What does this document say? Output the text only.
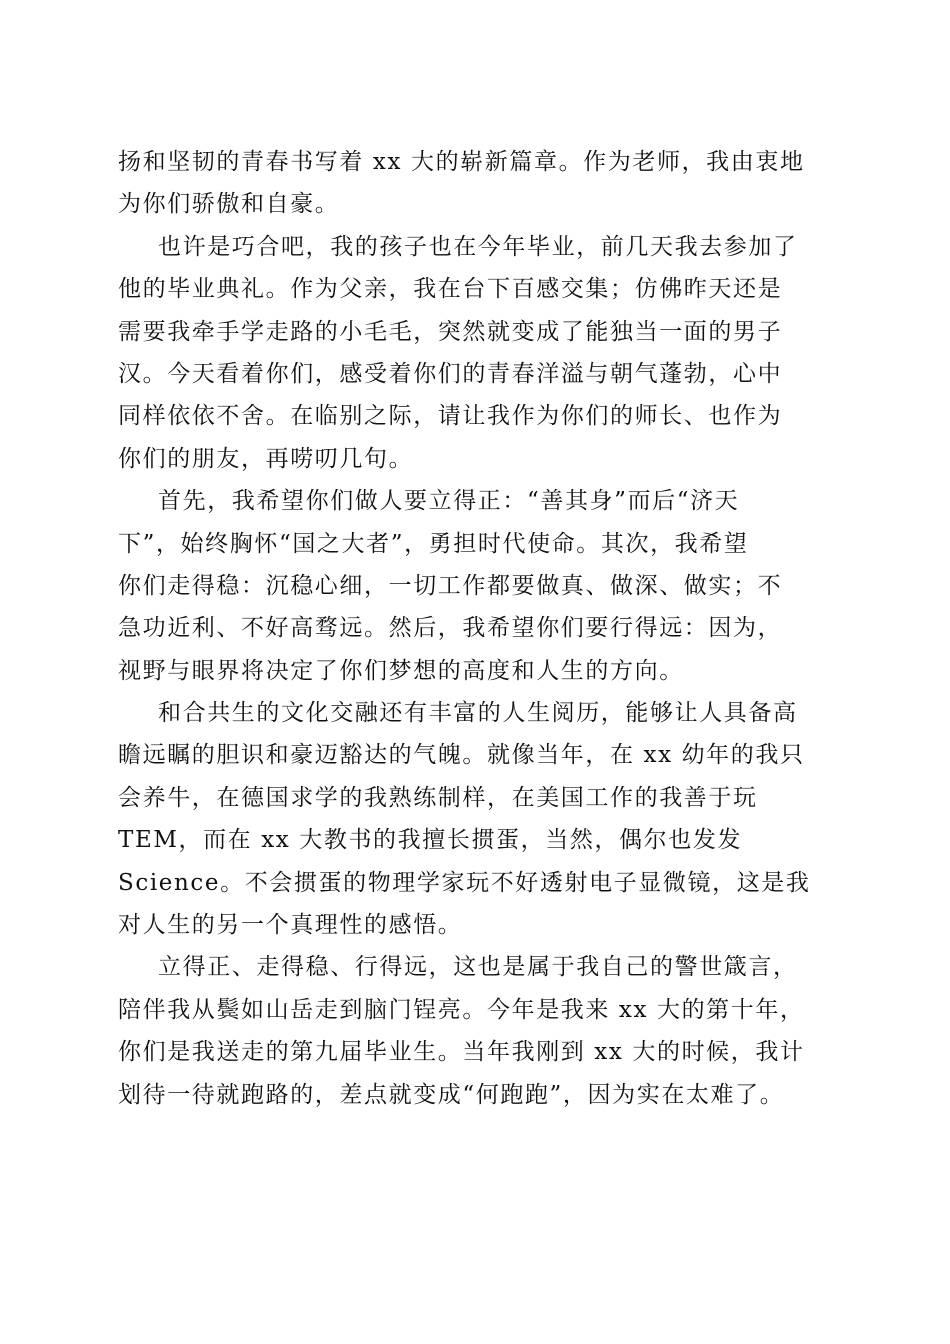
扬和坚韧的青春书写着 xx 大的崭新篇章。作为老师，我由衷地
为你们骄傲和自豪。
也许是巧合吧，我的孩子也在今年毕业，前几天我去参加了
他的毕业典礼。作为父亲，我在台下百感交集；仿佛昨天还是
需要我牵手学走路的小毛毛，突然就变成了能独当一面的男子
汉。今天看着你们，感受着你们的青春洋溢与朝气蓬勃，心中
同样依依不舍。在临别之际，请让我作为你们的师长、也作为
你们的朋友，再唠叨几句。
首先，我希望你们做人要立得正：“善其身”而后“济天
下”，始终胸怀“国之大者”，勇担时代使命。其次，我希望
你们走得稳：沉稳心细，一切工作都要做真、做深、做实；不
急功近利、不好高骛远。然后，我希望你们要行得远：因为，
视野与眼界将决定了你们梦想的高度和人生的方向。
和合共生的文化交融还有丰富的人生阅历，能够让人具备高
瞻远瞩的胆识和豪迈豁达的气魄。就像当年，在 xx 幼年的我只
会养牛，在德国求学的我熟练制样，在美国工作的我善于玩
TEM，而在 xx 大教书的我擅长掼蛋，当然，偶尔也发发
Science。不会掼蛋的物理学家玩不好透射电子显微镜，这是我
对人生的另一个真理性的感悟。
立得正、走得稳、行得远，这也是属于我自己的警世箴言，
陪伴我从鬓如山岳走到脑门锃亮。今年是我来 xx 大的第十年，
你们是我送走的第九届毕业生。当年我刚到 xx 大的时候，我计
划待一待就跑路的，差点就变成“何跑跑”，因为实在太难了。
